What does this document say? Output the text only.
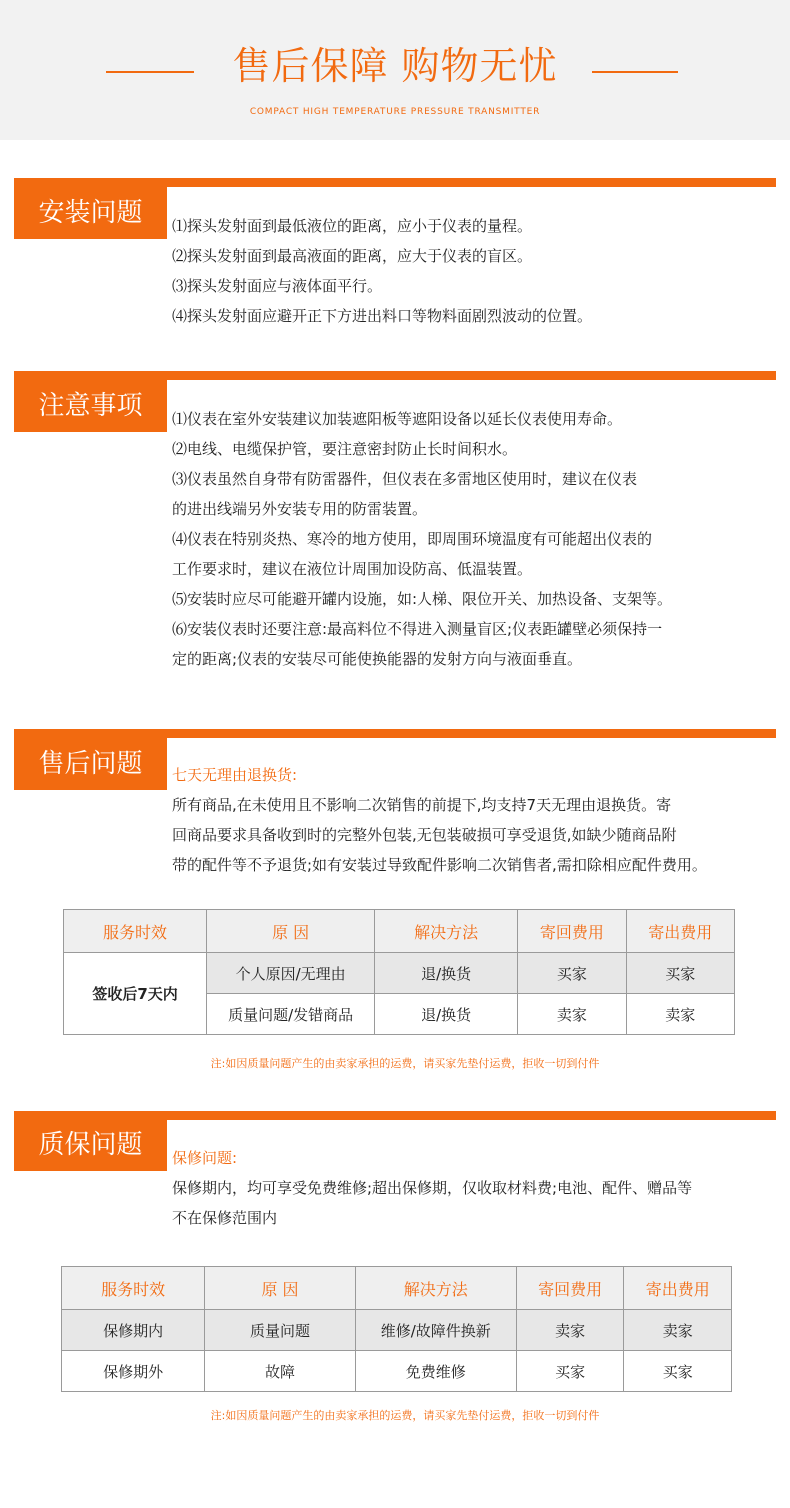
售后保障 购物无忧
COMPACT HIGH TEMPERATURE PRESSURE TRANSMITTER
安装问题	⑴探头发射面到最低液位的距离，应小于仪表的量程。
⑵探头发射面到最高液面的距离，应大于仪表的盲区。
⑶探头发射面应与液体面平行。
⑷探头发射面应避开正下方进出料口等物料面剧烈波动的位置。
注意事项	⑴仪表在室外安装建议加装遮阳板等遮阳设备以延长仪表使用寿命。
⑵电线、电缆保护管，要注意密封防止长时间积水。
⑶仪表虽然自身带有防雷器件，但仪表在多雷地区使用时，建议在仪表
的进出线端另外安装专用的防雷装置。
⑷仪表在特别炎热、寒冷的地方使用，即周围环境温度有可能超出仪表的
工作要求时，建议在液位计周围加设防高、低温装置。
⑸安装时应尽可能避开罐内设施，如:人梯、限位开关、加热设备、支架等。
⑹安装仪表时还要注意:最高料位不得进入测量盲区;仪表距罐壁必须保持一
定的距离;仪表的安装尽可能使换能器的发射方向与液面垂直。
售后问题	七天无理由退换货:
所有商品,在未使用且不影响二次销售的前提下,均支持7天无理由退换货。寄
回商品要求具备收到时的完整外包装,无包装破损可享受退货,如缺少随商品附
带的配件等不予退货;如有安装过导致配件影响二次销售者,需扣除相应配件费用。
服务时效	原 因	解决方法	寄回费用	寄出费用
签收后7天内	个人原因/无理由	退/换货	买家	买家
	质量问题/发错商品	退/换货	卖家	卖家
注:如因质量问题产生的由卖家承担的运费，请买家先垫付运费，拒收一切到付件
质保问题	保修问题:
保修期内，均可享受免费维修;超出保修期，仅收取材料费;电池、配件、赠品等
不在保修范围内
服务时效	原 因	解决方法	寄回费用	寄出费用
保修期内	质量问题	维修/故障件换新	卖家	卖家
保修期外	故障	免费维修	买家	买家
注:如因质量问题产生的由卖家承担的运费，请买家先垫付运费，拒收一切到付件
